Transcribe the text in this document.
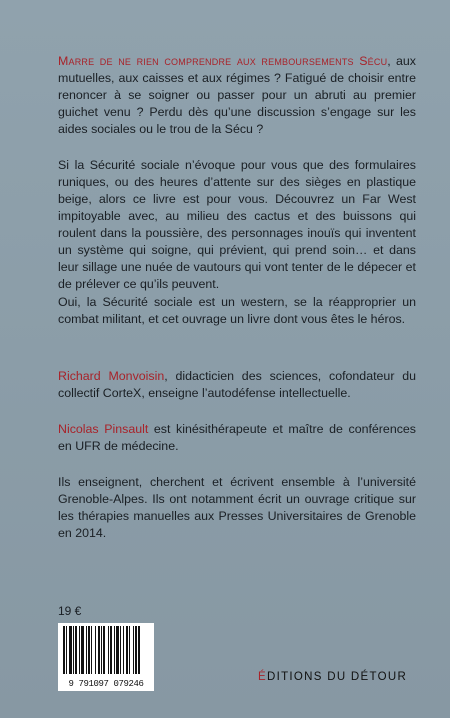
Marre de ne rien comprendre aux remboursements Sécu, aux mutuelles, aux caisses et aux régimes ? Fatigué de choisir entre renoncer à se soigner ou passer pour un abruti au premier guichet venu ? Perdu dès qu’une discussion s’engage sur les aides sociales ou le trou de la Sécu ?

Si la Sécurité sociale n’évoque pour vous que des formulaires runiques, ou des heures d’attente sur des sièges en plastique beige, alors ce livre est pour vous. Découvrez un Far West impitoyable avec, au milieu des cactus et des buissons qui roulent dans la poussière, des personnages inouïs qui inventent un système qui soigne, qui prévient, qui prend soin… et dans leur sillage une nuée de vautours qui vont tenter de le dépecer et de prélever ce qu’ils peuvent.

Oui, la Sécurité sociale est un western, se la réapproprier un combat militant, et cet ouvrage un livre dont vous êtes le héros.

Richard Monvoisin, didacticien des sciences, cofondateur du collectif CorteX, enseigne l’autodéfense intellectuelle.

Nicolas Pinsault est kinésithérapeute et maître de conférences en UFR de médecine.

Ils enseignent, cherchent et écrivent ensemble à l’université Grenoble-Alpes. Ils ont notamment écrit un ouvrage critique sur les thérapies manuelles aux Presses Universitaires de Grenoble en 2014.

19 €
9 791097 079246
ÉDITIONS DU DÉTOUR
